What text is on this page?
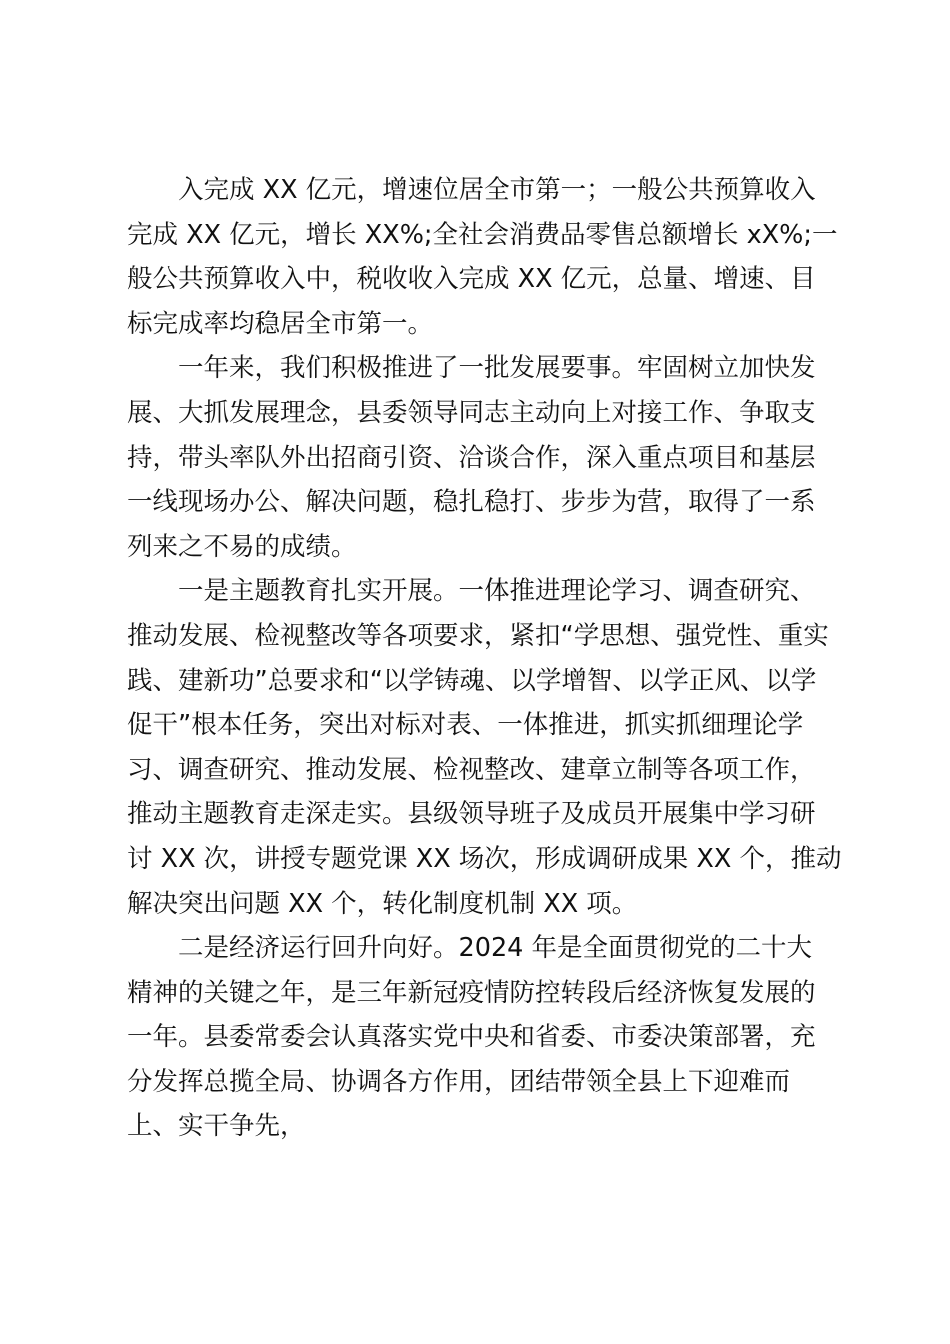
入完成 XX 亿元，增速位居全市第一；一般公共预算收入
完成 XX 亿元，增长 XX%;全社会消费品零售总额增长 xX%;一
般公共预算收入中，税收收入完成 XX 亿元，总量、增速、目
标完成率均稳居全市第一。
一年来，我们积极推进了一批发展要事。牢固树立加快发
展、大抓发展理念，县委领导同志主动向上对接工作、争取支
持，带头率队外出招商引资、洽谈合作，深入重点项目和基层
一线现场办公、解决问题，稳扎稳打、步步为营，取得了一系
列来之不易的成绩。
一是主题教育扎实开展。一体推进理论学习、调查研究、
推动发展、检视整改等各项要求，紧扣“学思想、强党性、重实
践、建新功”总要求和“以学铸魂、以学增智、以学正风、以学
促干”根本任务，突出对标对表、一体推进，抓实抓细理论学
习、调查研究、推动发展、检视整改、建章立制等各项工作，
推动主题教育走深走实。县级领导班子及成员开展集中学习研
讨 XX 次，讲授专题党课 XX 场次，形成调研成果 XX 个，推动
解决突出问题 XX 个，转化制度机制 XX 项。
二是经济运行回升向好。2024 年是全面贯彻党的二十大
精神的关键之年，是三年新冠疫情防控转段后经济恢复发展的
一年。县委常委会认真落实党中央和省委、市委决策部署，充
分发挥总揽全局、协调各方作用，团结带领全县上下迎难而
上、实干争先，
